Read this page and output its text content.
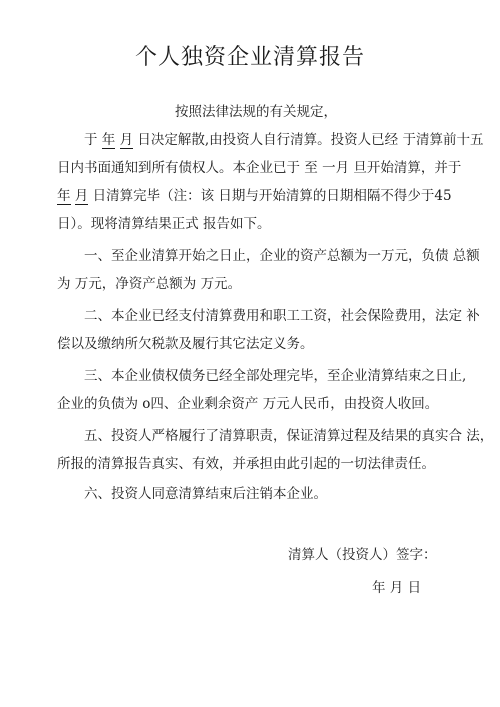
个人独资企业清算报告
按照法律法规的有关规定，
于 年 月 日决定解散,由投资人自行清算。投资人已经 于清算前十五
日内书面通知到所有债权人。本企业已于 至 一月 旦开始清算，并于
年 月 日清算完毕（注：该 日期与开始清算的日期相隔不得少于45
日）。现将清算结果正式 报告如下。
一、至企业清算开始之日止，企业的资产总额为一万元，负债 总额
为 万元，净资产总额为 万元。
二、本企业已经支付清算费用和职工工资，社会保险费用，法定 补
偿以及缴纳所欠税款及履行其它法定义务。
三、本企业债权债务已经全部处理完毕，至企业清算结束之日止,
企业的负债为 o四、企业剩余资产 万元人民币，由投资人收回。
五、投资人严格履行了清算职责，保证清算过程及结果的真实合 法，
所报的清算报告真实、有效，并承担由此引起的一切法律责任。
六、投资人同意清算结束后注销本企业。
清算人（投资人）签字：
年 月 日
